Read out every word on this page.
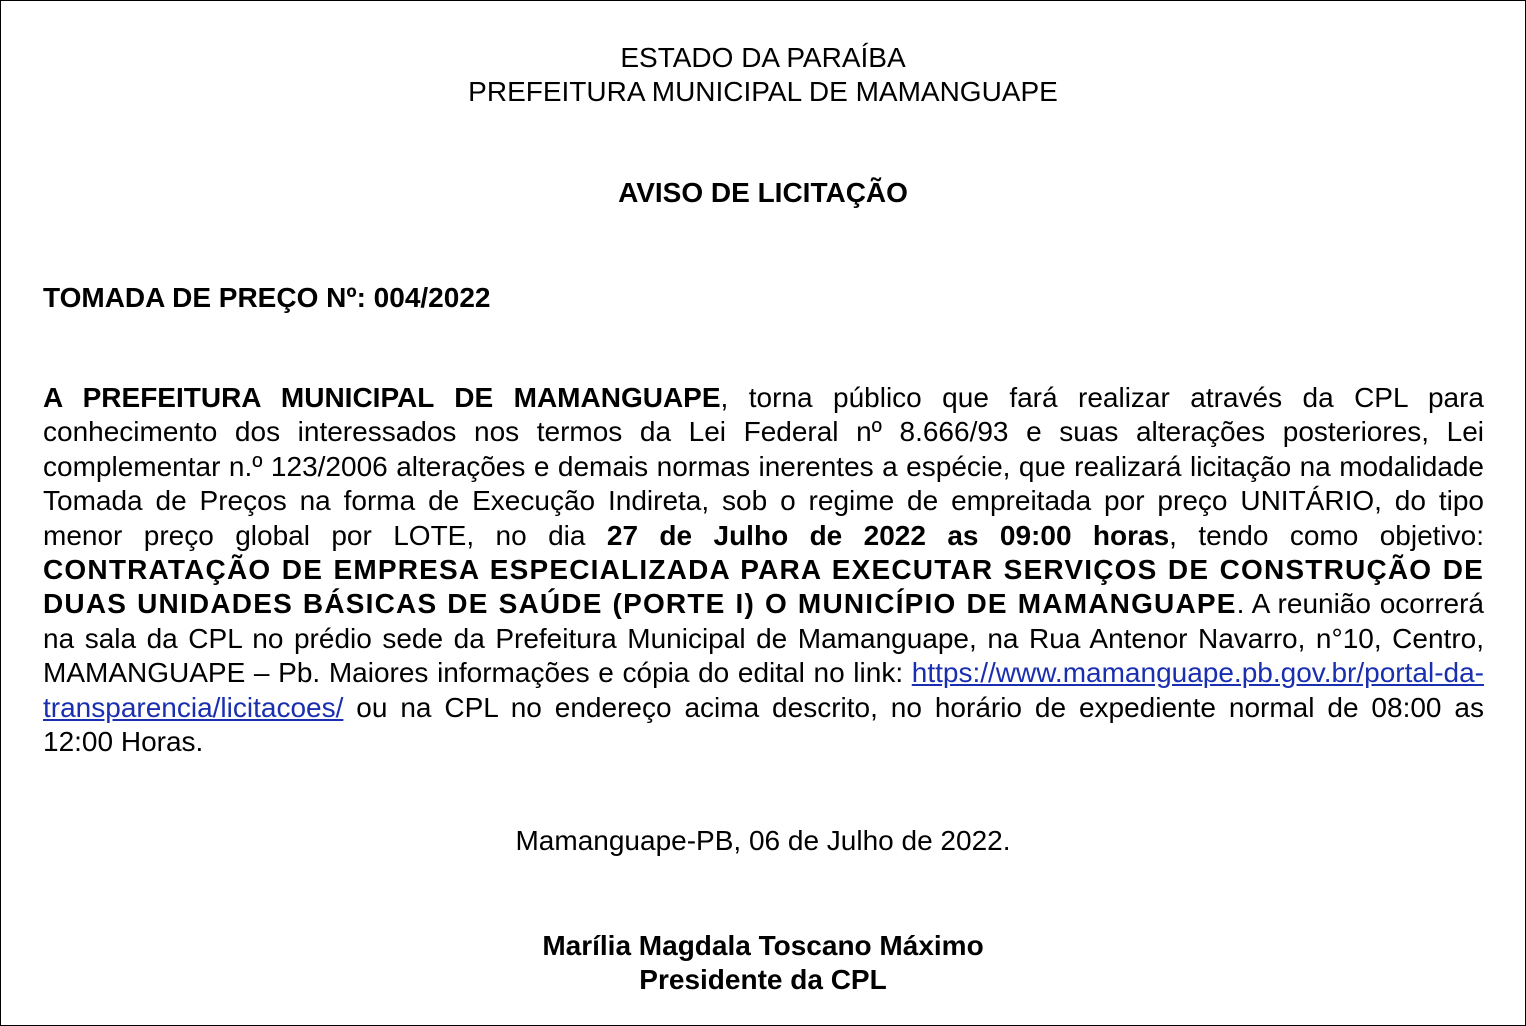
ESTADO DA PARAÍBA
PREFEITURA MUNICIPAL DE MAMANGUAPE
AVISO DE LICITAÇÃO
TOMADA DE PREÇO Nº: 004/2022

A PREFEITURA MUNICIPAL DE MAMANGUAPE, torna público que fará realizar através da CPL para conhecimento dos interessados nos termos da Lei Federal nº 8.666/93 e suas alterações posteriores, Lei complementar n.º 123/2006 alterações e demais normas inerentes a espécie, que realizará licitação na modalidade Tomada de Preços na forma de Execução Indireta, sob o regime de empreitada por preço UNITÁRIO, do tipo menor preço global por LOTE, no dia 27 de Julho de 2022 as 09:00 horas, tendo como objetivo: CONTRATAÇÃO DE EMPRESA ESPECIALIZADA PARA EXECUTAR SERVIÇOS DE CONSTRUÇÃO DE DUAS UNIDADES BÁSICAS DE SAÚDE (PORTE I) O MUNICÍPIO DE MAMANGUAPE. A reunião ocorrerá na sala da CPL no prédio sede da Prefeitura Municipal de Mamanguape, na Rua Antenor Navarro, n°10, Centro, MAMANGUAPE – Pb. Maiores informações e cópia do edital no link: https://www.mamanguape.pb.gov.br/portal-da-transparencia/licitacoes/ ou na CPL no endereço acima descrito, no horário de expediente normal de 08:00 as 12:00 Horas.

Mamanguape-PB, 06 de Julho de 2022.
Marília Magdala Toscano Máximo
Presidente da CPL
